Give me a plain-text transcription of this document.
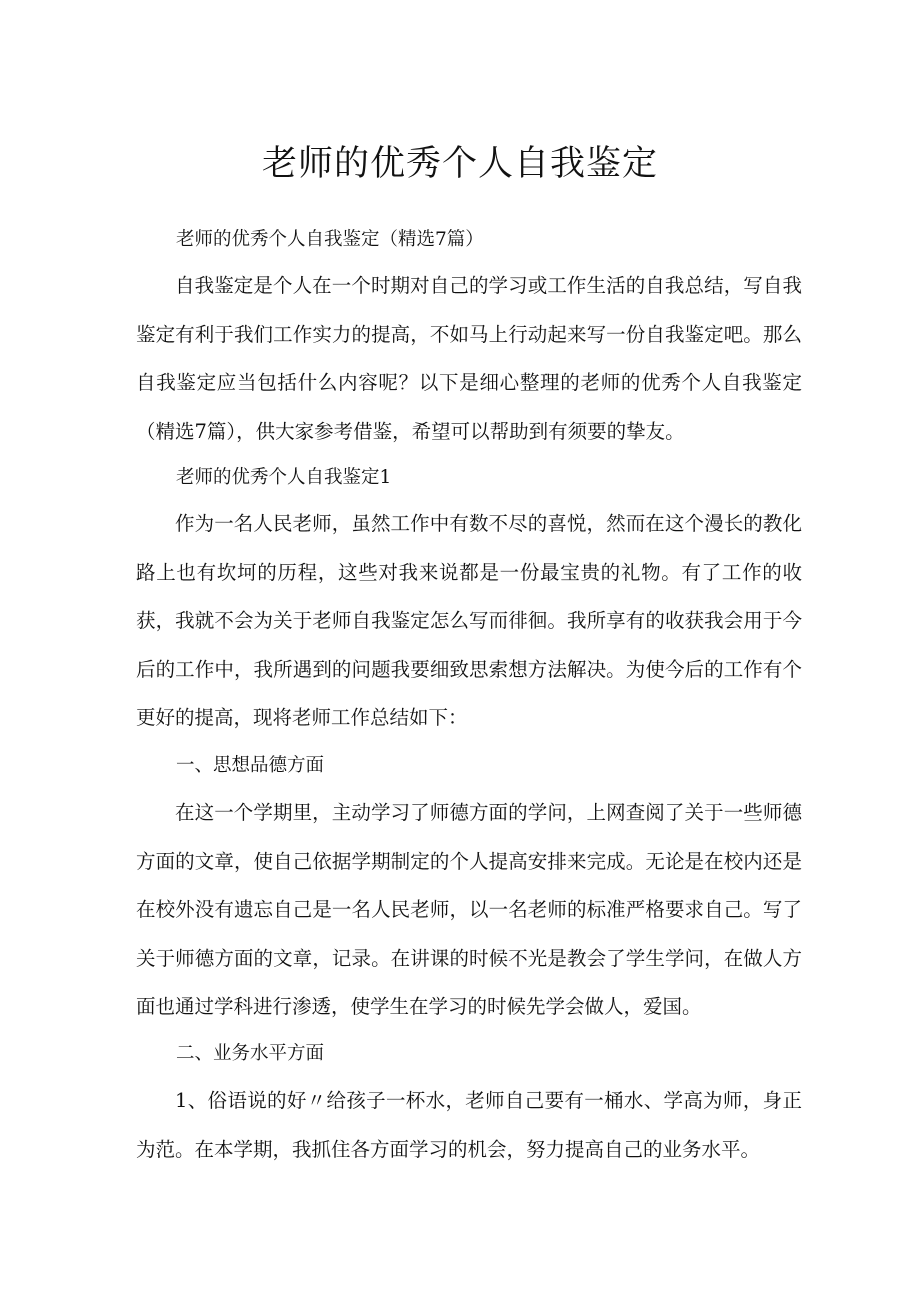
老师的优秀个人自我鉴定
老师的优秀个人自我鉴定（精选7篇）

自我鉴定是个人在一个时期对自己的学习或工作生活的自我总结，写自我鉴定有利于我们工作实力的提高，不如马上行动起来写一份自我鉴定吧。那么自我鉴定应当包括什么内容呢？以下是细心整理的老师的优秀个人自我鉴定（精选7篇），供大家参考借鉴，希望可以帮助到有须要的挚友。

老师的优秀个人自我鉴定1

作为一名人民老师，虽然工作中有数不尽的喜悦，然而在这个漫长的教化路上也有坎坷的历程，这些对我来说都是一份最宝贵的礼物。有了工作的收获，我就不会为关于老师自我鉴定怎么写而徘徊。我所享有的收获我会用于今后的工作中，我所遇到的问题我要细致思索想方法解决。为使今后的工作有个更好的提高，现将老师工作总结如下：

一、思想品德方面

在这一个学期里，主动学习了师德方面的学问，上网查阅了关于一些师德方面的文章，使自己依据学期制定的个人提高安排来完成。无论是在校内还是在校外没有遗忘自己是一名人民老师，以一名老师的标准严格要求自己。写了关于师德方面的文章，记录。在讲课的时候不光是教会了学生学问，在做人方面也通过学科进行渗透，使学生在学习的时候先学会做人，爱国。

二、业务水平方面

1、俗语说的好〃给孩子一杯水，老师自己要有一桶水、学高为师，身正为范。在本学期，我抓住各方面学习的机会，努力提高自己的业务水平。
